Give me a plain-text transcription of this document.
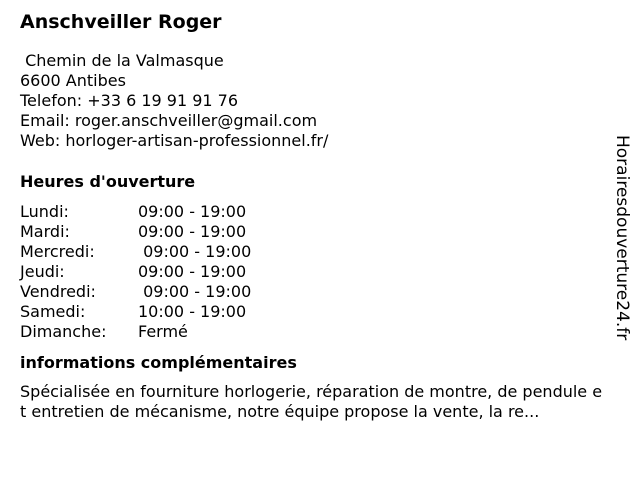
Anschveiller Roger
Chemin de la Valmasque
6600 Antibes
Telefon: +33 6 19 91 91 76
Email: roger.anschveiller@gmail.com
Web: horloger-artisan-professionnel.fr/
Heures d'ouverture
Lundi:	09:00 - 19:00
Mardi:	09:00 - 19:00
Mercredi:	09:00 - 19:00
Jeudi:	09:00 - 19:00
Vendredi:	09:00 - 19:00
Samedi:	10:00 - 19:00
Dimanche:	Fermé
informations complémentaires
Spécialisée en fourniture horlogerie, réparation de montre, de pendule et entretien de mécanisme, notre équipe propose la vente, la re...
Horairesdouverture24.fr
